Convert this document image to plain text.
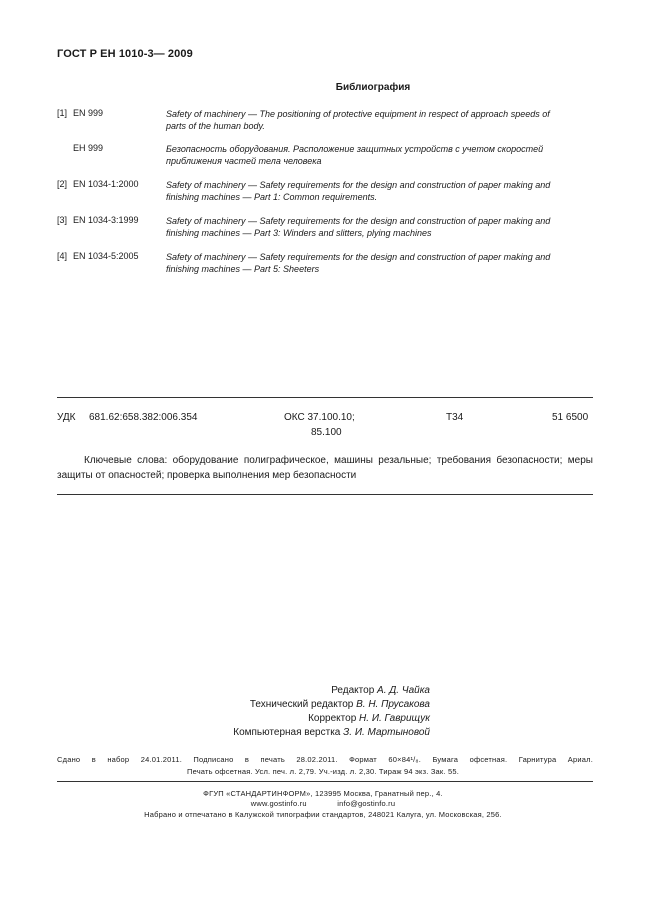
ГОСТ Р ЕН 1010-3— 2009
Библиография
[1] EN 999	Safety of machinery — The positioning of protective equipment in respect of approach speeds of
parts of the human body.
EH 999	Безопасность оборудования. Расположение защитных устройств с учетом скоростей
приближения частей тела человека
[2] EN 1034-1:2000	Safety of machinery — Safety requirements for the design and construction of paper making and
finishing machines — Part 1: Common requirements.
[3] EN 1034-3:1999	Safety of machinery — Safety requirements for the design and construction of paper making and
finishing machines — Part 3: Winders and slitters, plying machines
[4] EN 1034-5:2005	Safety of machinery — Safety requirements for the design and construction of paper making and
finishing machines — Part 5: Sheeters
УДК 681.62:658.382:006.354	ОКС 37.100.10;
85.100
Т34	51 6500
Ключевые слова: оборудование полиграфическое, машины резальные; требования безопасности; меры защиты от опасностей; проверка выполнения мер безопасности
Редактор А. Д. Чайка
Технический редактор В. Н. Прусакова
Корректор Н. И. Гаврищук
Компьютерная верстка З. И. Мартыновой
Сдано в набор 24.01.2011. Подписано в печать 28.02.2011. Формат 60×84¹/₈. Бумага офсетная. Гарнитура Ариал.
Печать офсетная. Усл. печ. л. 2,79. Уч.-изд. л. 2,30. Тираж 94 экз. Зак. 55.
ФГУП «СТАНДАРТИНФОРМ», 123995 Москва, Гранатный пер., 4.
www.gostinfo.ru	info@gostinfo.ru
Набрано и отпечатано в Калужской типографии стандартов, 248021 Калуга, ул. Московская, 256.
